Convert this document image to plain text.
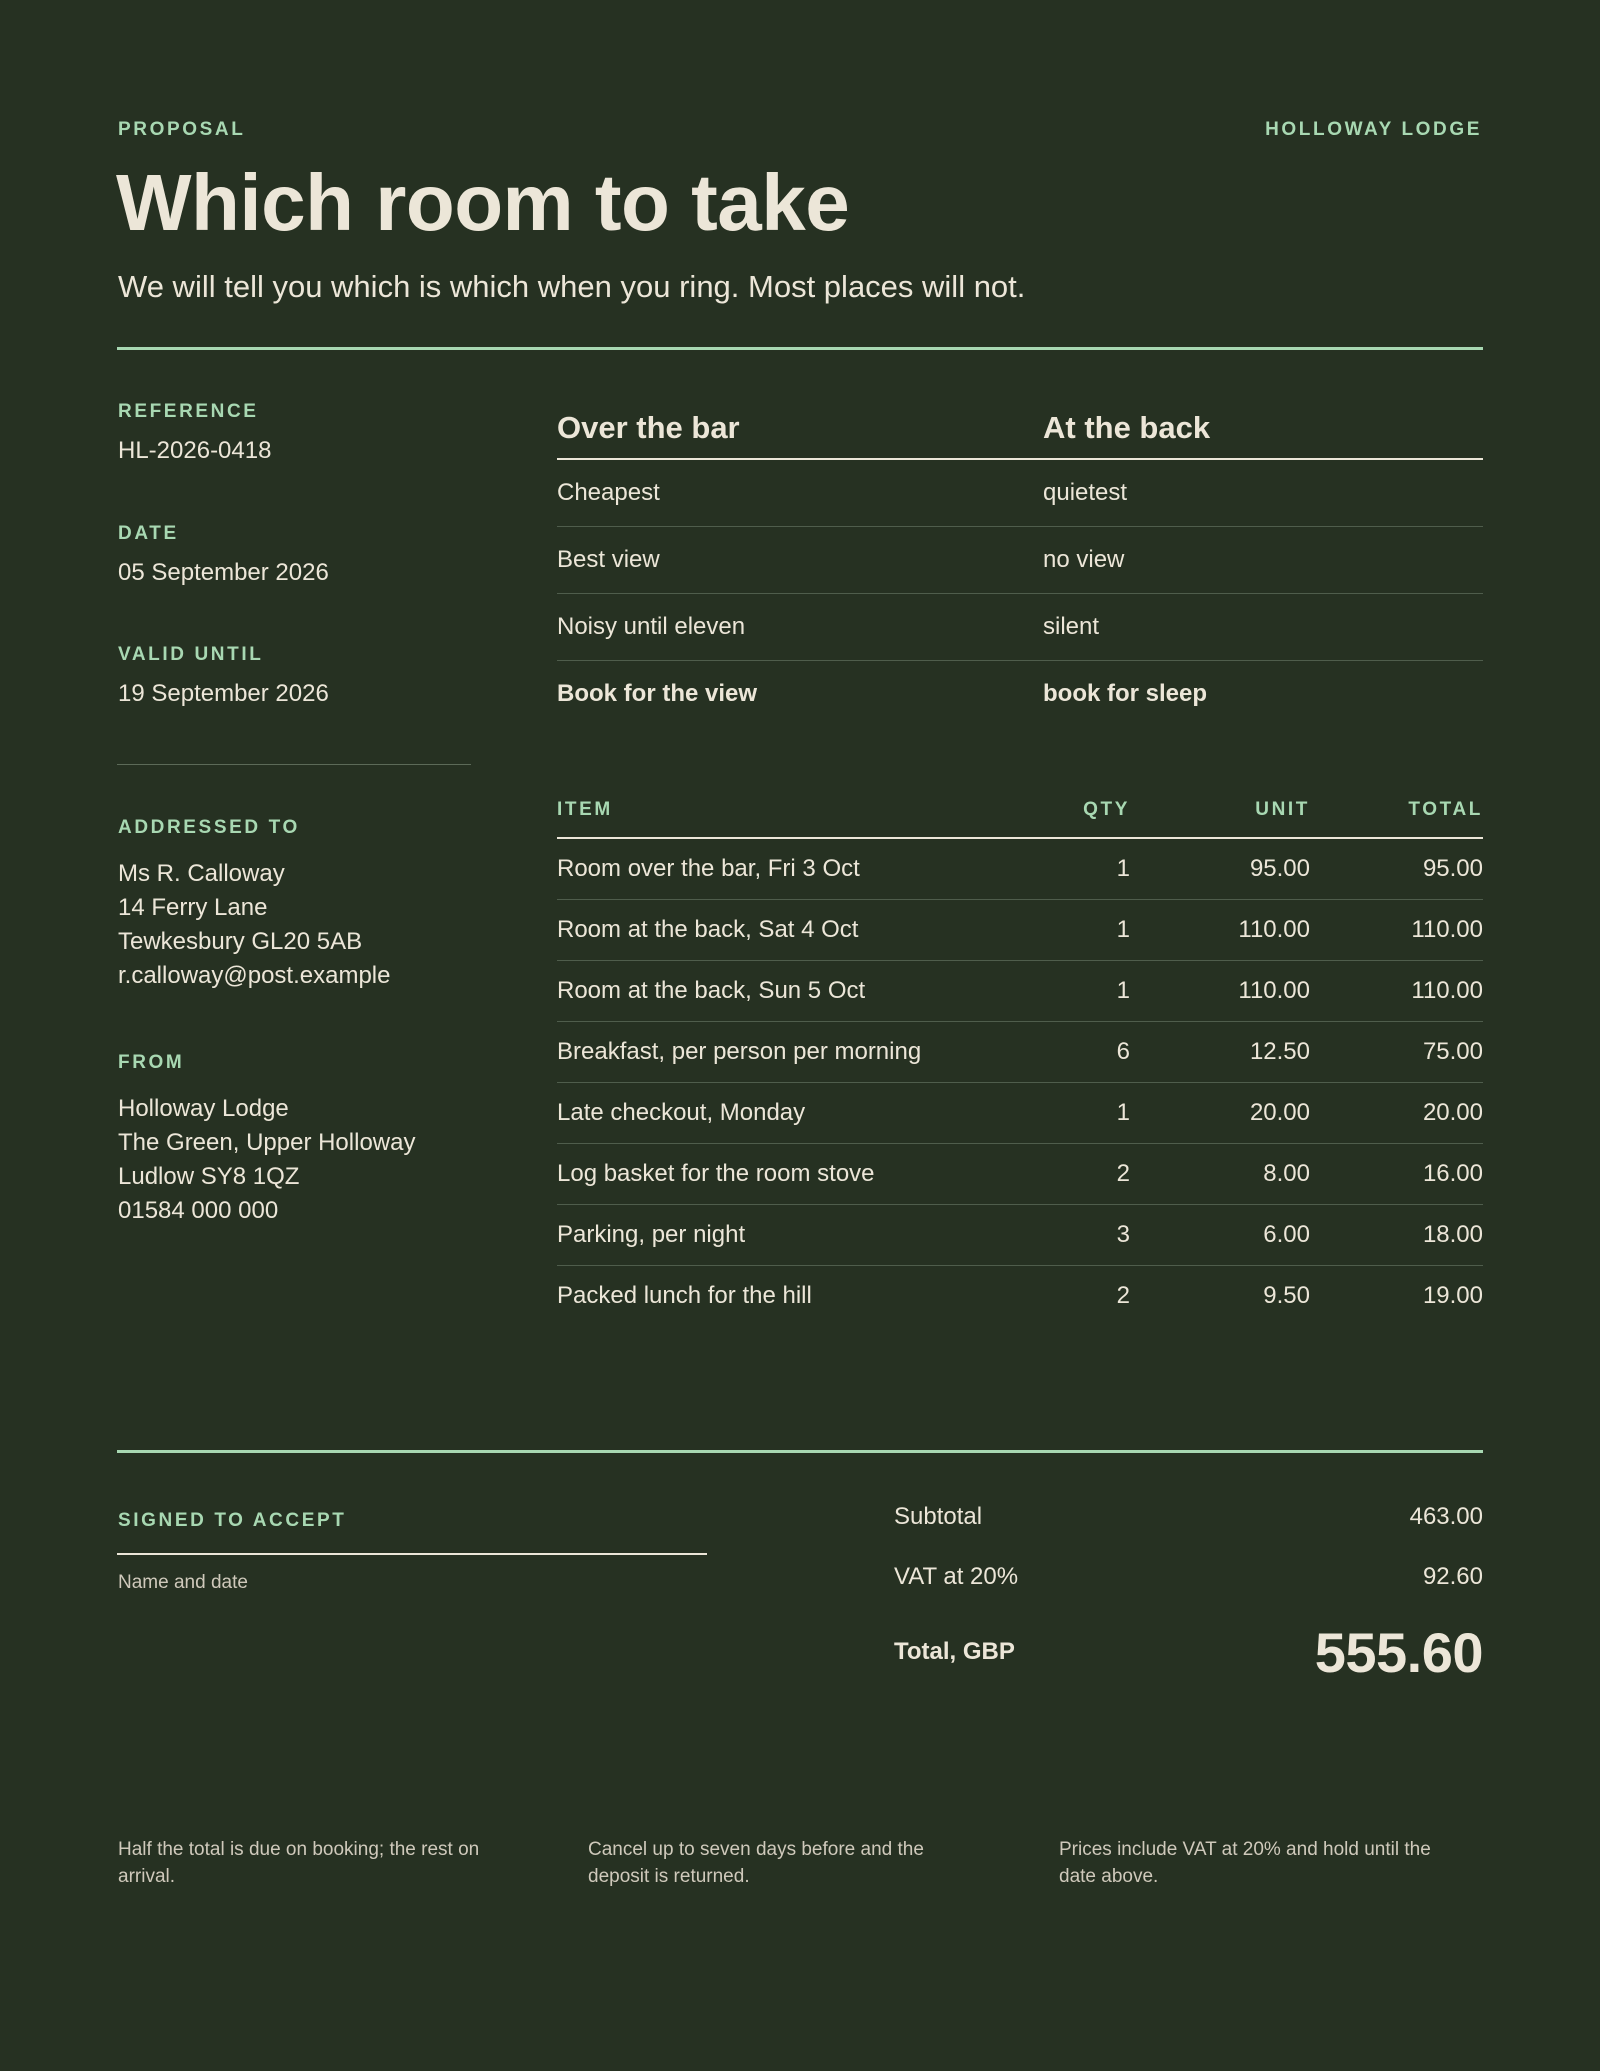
PROPOSAL	HOLLOWAY LODGE
Which room to take
We will tell you which is which when you ring. Most places will not.
REFERENCE
HL-2026-0418
DATE
05 September 2026
VALID UNTIL
19 September 2026
ADDRESSED TO
Ms R. Calloway
14 Ferry Lane
Tewkesbury GL20 5AB
r.calloway@post.example
FROM
Holloway Lodge
The Green, Upper Holloway
Ludlow SY8 1QZ
01584 000 000
Over the bar	At the back
Cheapest	quietest
Best view	no view
Noisy until eleven	silent
Book for the view	book for sleep
ITEM	QTY	UNIT	TOTAL
Room over the bar, Fri 3 Oct	1	95.00	95.00
Room at the back, Sat 4 Oct	1	110.00	110.00
Room at the back, Sun 5 Oct	1	110.00	110.00
Breakfast, per person per morning	6	12.50	75.00
Late checkout, Monday	1	20.00	20.00
Log basket for the room stove	2	8.00	16.00
Parking, per night	3	6.00	18.00
Packed lunch for the hill	2	9.50	19.00
SIGNED TO ACCEPT
Name and date
Subtotal	463.00
VAT at 20%	92.60
Total, GBP	555.60
Half the total is due on booking; the rest on arrival.
Cancel up to seven days before and the deposit is returned.
Prices include VAT at 20% and hold until the date above.
